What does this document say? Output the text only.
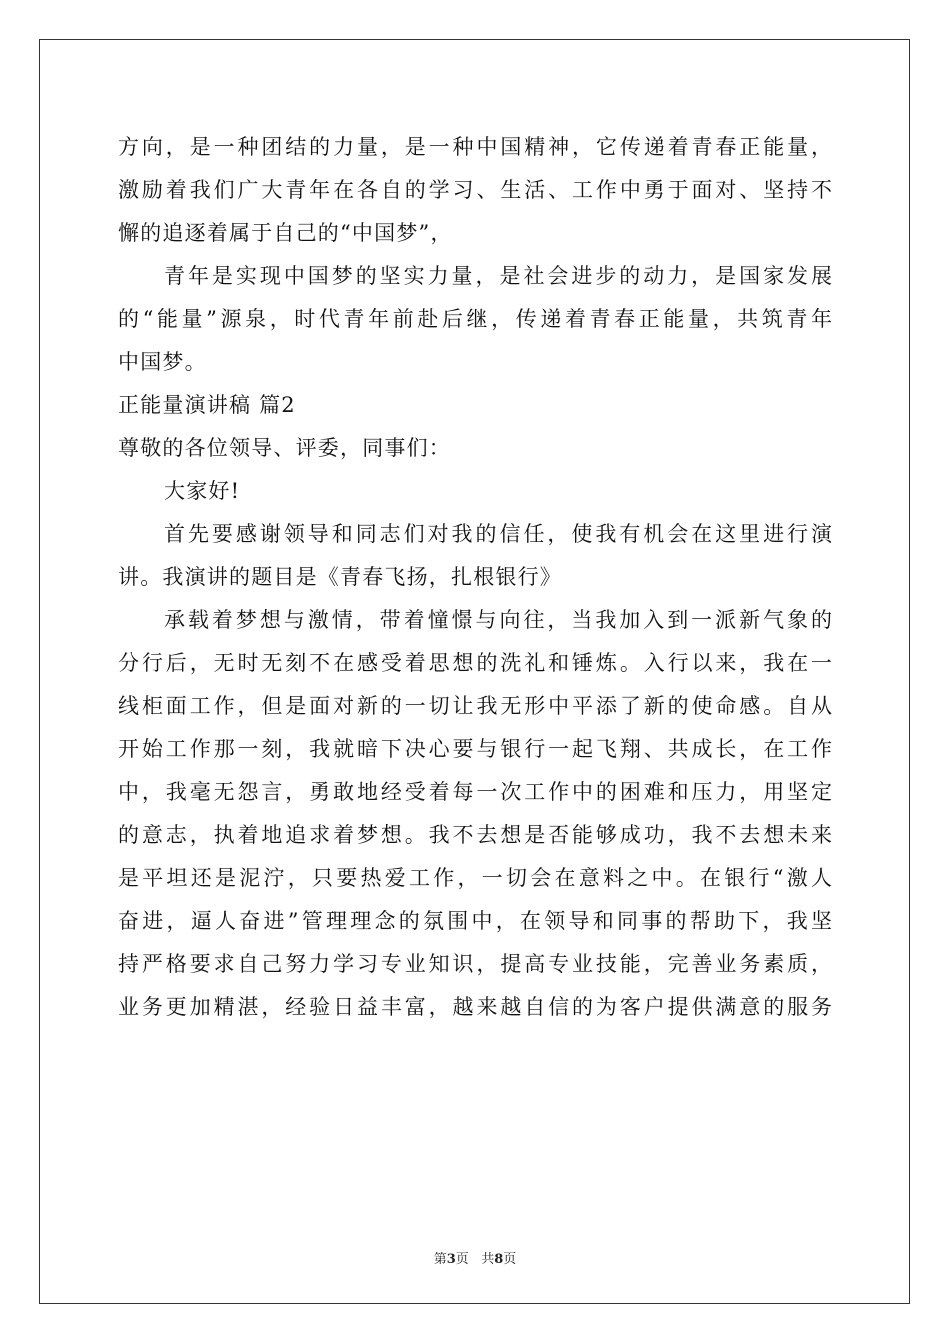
方向，是一种团结的力量，是一种中国精神，它传递着青春正能量，
激励着我们广大青年在各自的学习、生活、工作中勇于面对、坚持不
懈的追逐着属于自己的“中国梦”，
青年是实现中国梦的坚实力量，是社会进步的动力，是国家发展
的“能量”源泉，时代青年前赴后继，传递着青春正能量，共筑青年
中国梦。
正能量演讲稿 篇2
尊敬的各位领导、评委，同事们：
大家好!
首先要感谢领导和同志们对我的信任，使我有机会在这里进行演
讲。我演讲的题目是《青春飞扬，扎根银行》
承载着梦想与激情，带着憧憬与向往，当我加入到一派新气象的
分行后，无时无刻不在感受着思想的洗礼和锤炼。入行以来，我在一
线柜面工作，但是面对新的一切让我无形中平添了新的使命感。自从
开始工作那一刻，我就暗下决心要与银行一起飞翔、共成长，在工作
中，我毫无怨言，勇敢地经受着每一次工作中的困难和压力，用坚定
的意志，执着地追求着梦想。我不去想是否能够成功，我不去想未来
是平坦还是泥泞，只要热爱工作，一切会在意料之中。在银行“激人
奋进，逼人奋进”管理理念的氛围中，在领导和同事的帮助下，我坚
持严格要求自己努力学习专业知识，提高专业技能，完善业务素质，
业务更加精湛，经验日益丰富，越来越自信的为客户提供满意的服务
第3页 共8页
